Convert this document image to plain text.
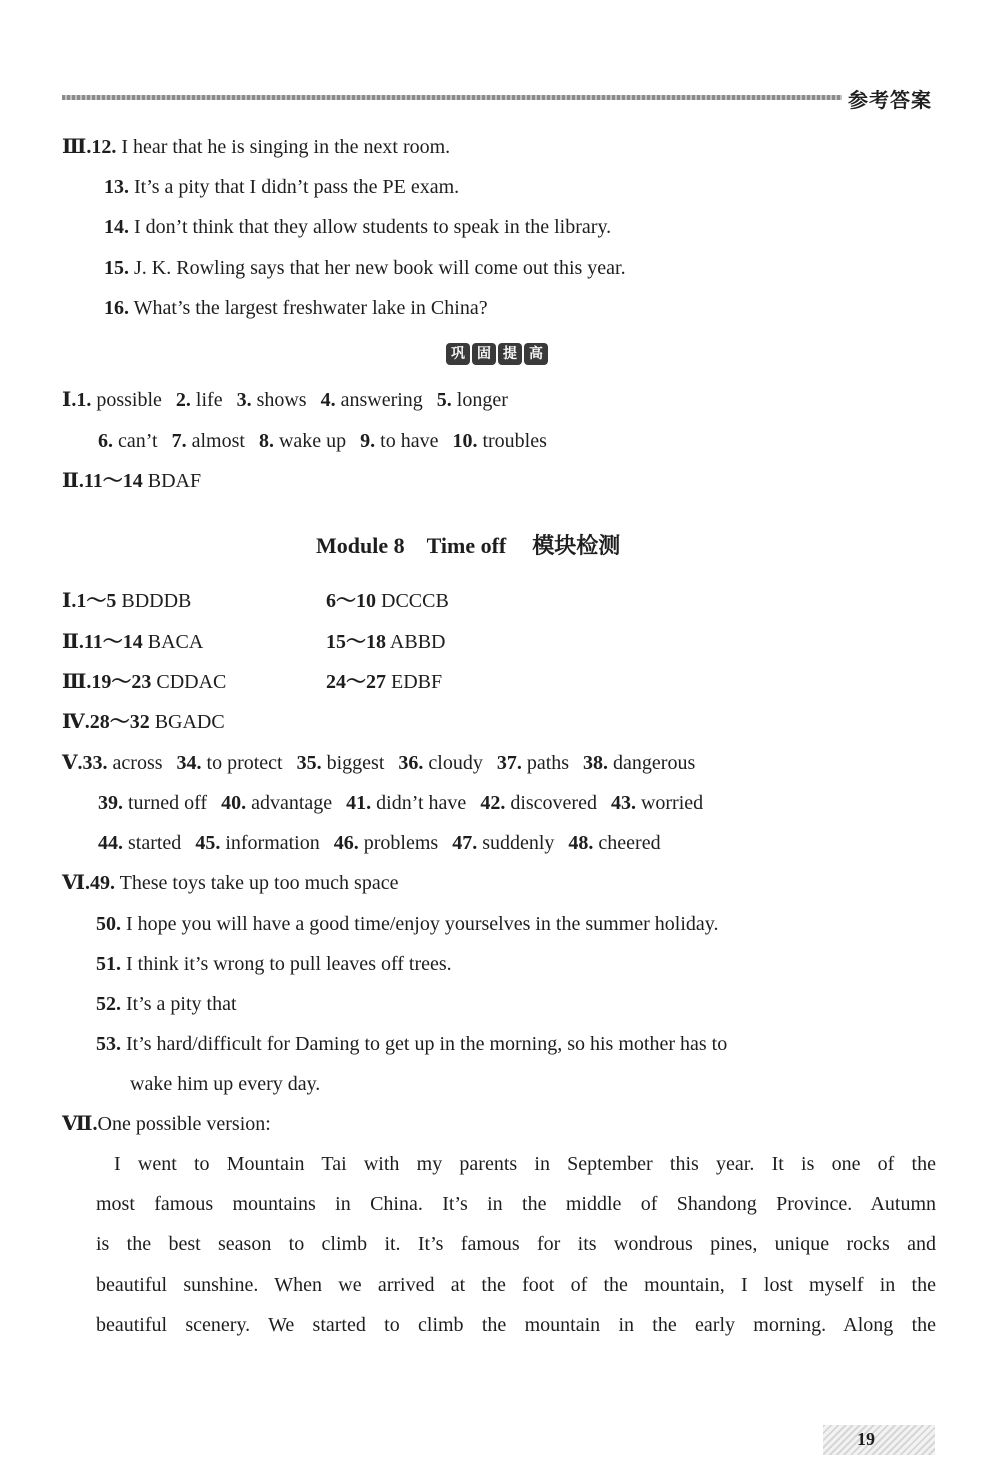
参考答案
Ⅲ.12. I hear that he is singing in the next room.
13. It’s a pity that I didn’t pass the PE exam.
14. I don’t think that they allow students to speak in the library.
15. J. K. Rowling says that her new book will come out this year.
16. What’s the largest freshwater lake in China?
巩 固 提 高
Ⅰ.1. possible 2. life 3. shows 4. answering 5. longer
6. can’t 7. almost 8. wake up 9. to have 10. troubles
Ⅱ.11～14 BDAF
Module 8 Time off 模块检测
Ⅰ.1～5 BDDDB	6～10 DCCCB
Ⅱ.11～14 BACA	15～18 ABBD
Ⅲ.19～23 CDDAC	24～27 EDBF
Ⅳ.28～32 BGADC
Ⅴ.33. across 34. to protect 35. biggest 36. cloudy 37. paths 38. dangerous
39. turned off 40. advantage 41. didn’t have 42. discovered 43. worried
44. started 45. information 46. problems 47. suddenly 48. cheered
Ⅵ.49. These toys take up too much space
50. I hope you will have a good time/enjoy yourselves in the summer holiday.
51. I think it’s wrong to pull leaves off trees.
52. It’s a pity that
53. It’s hard/difficult for Daming to get up in the morning, so his mother has to
wake him up every day.
Ⅶ.One possible version:

I went to Mountain Tai with my parents in September this year. It is one of the

most famous mountains in China. It’s in the middle of Shandong Province. Autumn

is the best season to climb it. It’s famous for its wondrous pines, unique rocks and

beautiful sunshine. When we arrived at the foot of the mountain, I lost myself in the

beautiful scenery. We started to climb the mountain in the early morning. Along the

19
